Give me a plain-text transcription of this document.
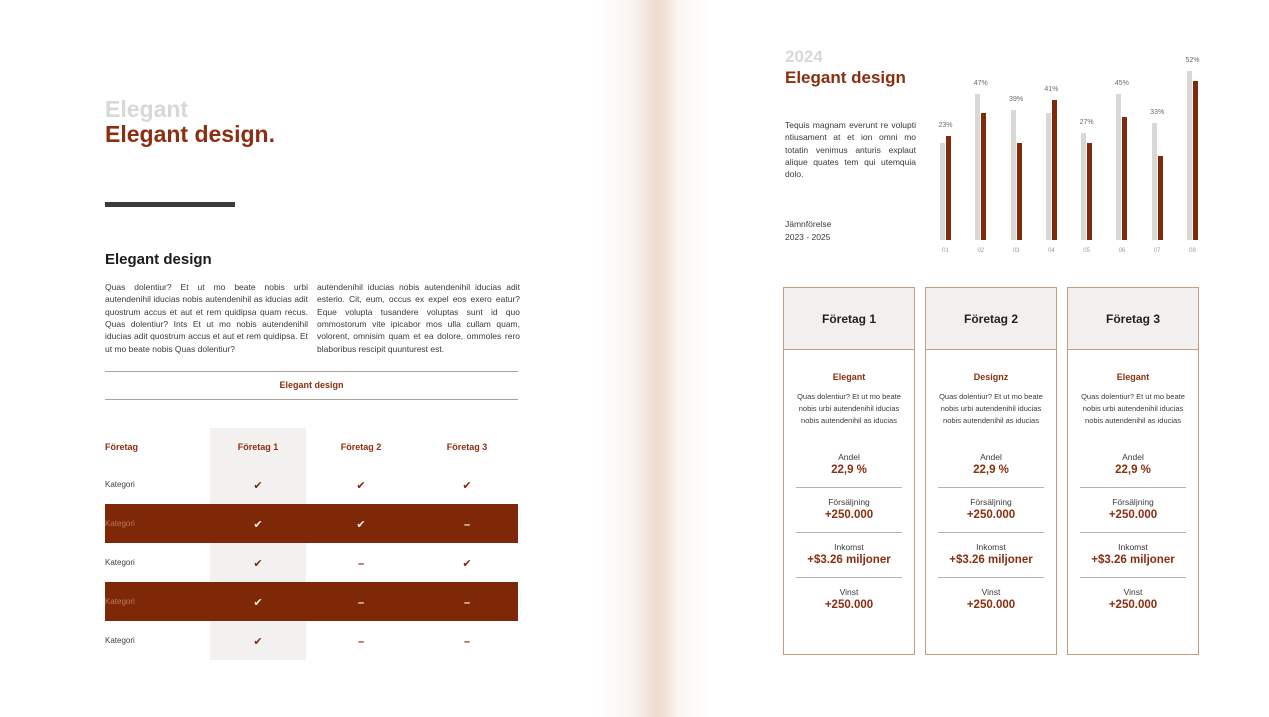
Elegant
Elegant design.
Elegant design

Quas dolentiur? Et ut mo beate nobis urbi autendenihil iducias nobis autendenihil as iducias adit quostrum accus et aut et rem quidipsa quam recus. Quas dolentiur? Ints Et ut mo nobis autendenihil iducias adit quostrum accus et aut et rem quidipsa. Et ut mo beate nobis Quas dolentiur?

autendenihil iducias nobis autendenihil iducias adit esterio. Cit, eum, occus ex expel eos exero eatur? Eque volupta tusandere voluptas sunt id quo ommostorum vite ipicabor mos ulla cullam quam, volorent, omnisim quam et ea dolore, ommoles rero blaboribus rescipit quunturest est.

Elegant design
Företag	Företag 1	Företag 2	Företag 3
Kategori	✔	✔	✔
Kategori	✔	✔	–
Kategori	✔	–	✔
Kategori	✔	–	–
Kategori	✔	–	–
2024
Elegant design

Tequis magnam everunt re volupti ntiusament at et ion omni mo totatin venimus anturis explaut alique quates tem qui utemquia dolo.

Jämnförelse
2023 - 2025
23%
01
47%
02
39%
03
41%
04
27%
05
45%
06
33%
07
52%
08
Företag 1
Elegant
Quas dolentiur? Et ut mo beate nobis urbi autendenihil iducias nobis autendenihil as iducias
Andel
22,9 %
Försäljning
+250.000
Inkomst
+$3.26 miljoner
Vinst
+250.000
Företag 2
Designz
Quas dolentiur? Et ut mo beate nobis urbi autendenihil iducias nobis autendenihil as iducias
Andel
22,9 %
Försäljning
+250.000
Inkomst
+$3.26 miljoner
Vinst
+250.000
Företag 3
Elegant
Quas dolentiur? Et ut mo beate nobis urbi autendenihil iducias nobis autendenihil as iducias
Andel
22,9 %
Försäljning
+250.000
Inkomst
+$3.26 miljoner
Vinst
+250.000
